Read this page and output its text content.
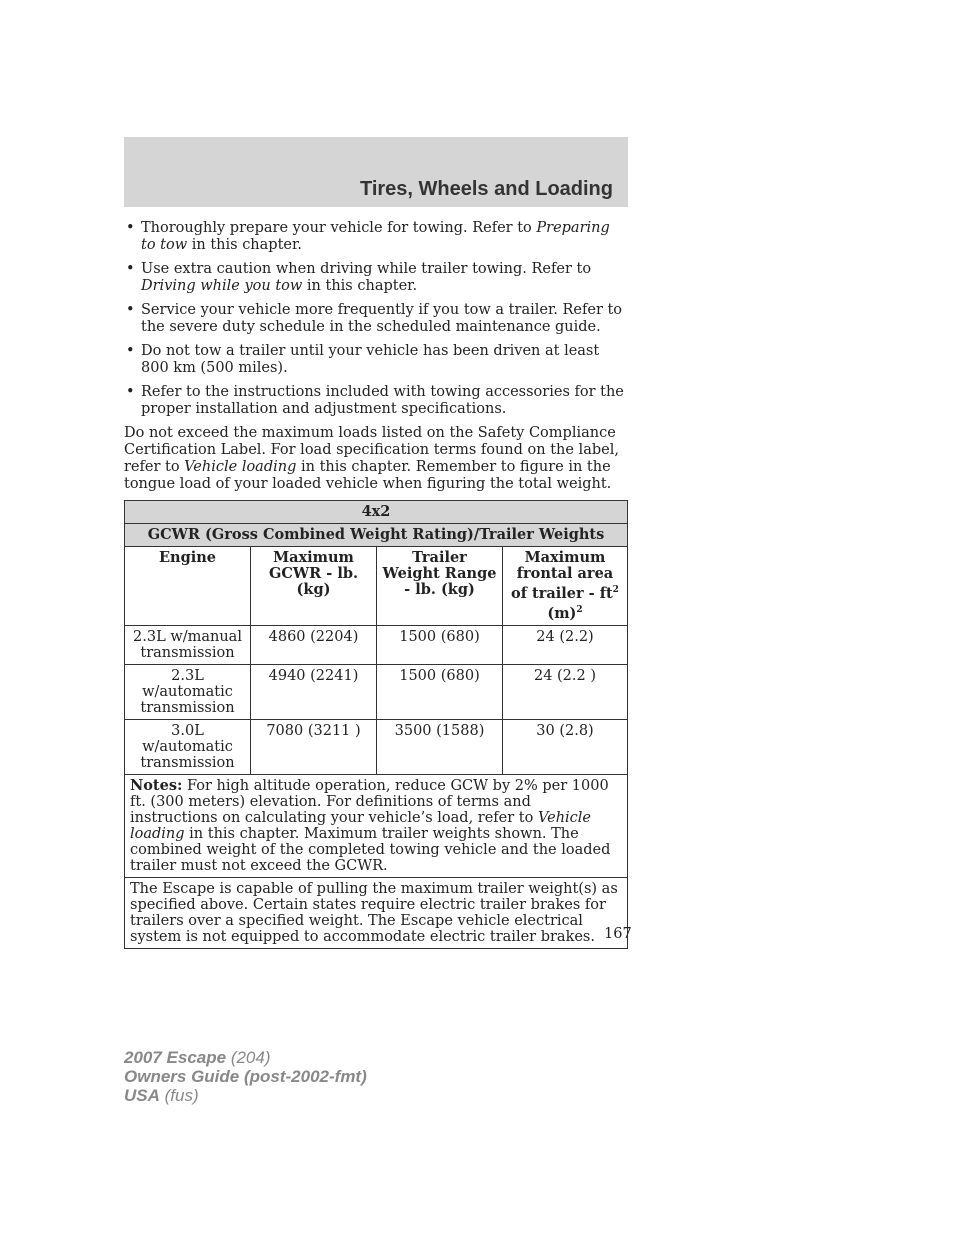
Tires, Wheels and Loading
• Thoroughly prepare your vehicle for towing. Refer to Preparing to tow in this chapter.
• Use extra caution when driving while trailer towing. Refer to Driving while you tow in this chapter.
• Service your vehicle more frequently if you tow a trailer. Refer to the severe duty schedule in the scheduled maintenance guide.
• Do not tow a trailer until your vehicle has been driven at least 800 km (500 miles).
• Refer to the instructions included with towing accessories for the proper installation and adjustment specifications.

Do not exceed the maximum loads listed on the Safety Compliance Certification Label. For load specification terms found on the label, refer to Vehicle loading in this chapter. Remember to figure in the tongue load of your loaded vehicle when figuring the total weight.

4x2			
GCWR (Gross Combined Weight Rating)/Trailer Weights			
Engine	Maximum GCWR - lb. (kg)	Trailer Weight Range - lb. (kg)	Maximum frontal area of trailer - $ft^2$ $(m)^2$
2.3L w/manual transmission	4860 (2204)	1500 (680)	24 (2.2)
2.3L w/automatic transmission	4940 (2241)	1500 (680)	24 (2.2 )
3.0L w/automatic transmission	7080 (3211 )	3500 (1588)	30 (2.8)
Notes: For high altitude operation, reduce GCW by 2% per 1000 ft. (300 meters) elevation. For definitions of terms and instructions on calculating your vehicle’s load, refer to Vehicle loading in this chapter. Maximum trailer weights shown. The combined weight of the completed towing vehicle and the loaded trailer must not exceed the GCWR.			
The Escape is capable of pulling the maximum trailer weight(s) as specified above. Certain states require electric trailer brakes for trailers over a specified weight. The Escape vehicle electrical system is not equipped to accommodate electric trailer brakes.			167
2007 Escape (204)
Owners Guide (post-2002-fmt)
USA (fus)
